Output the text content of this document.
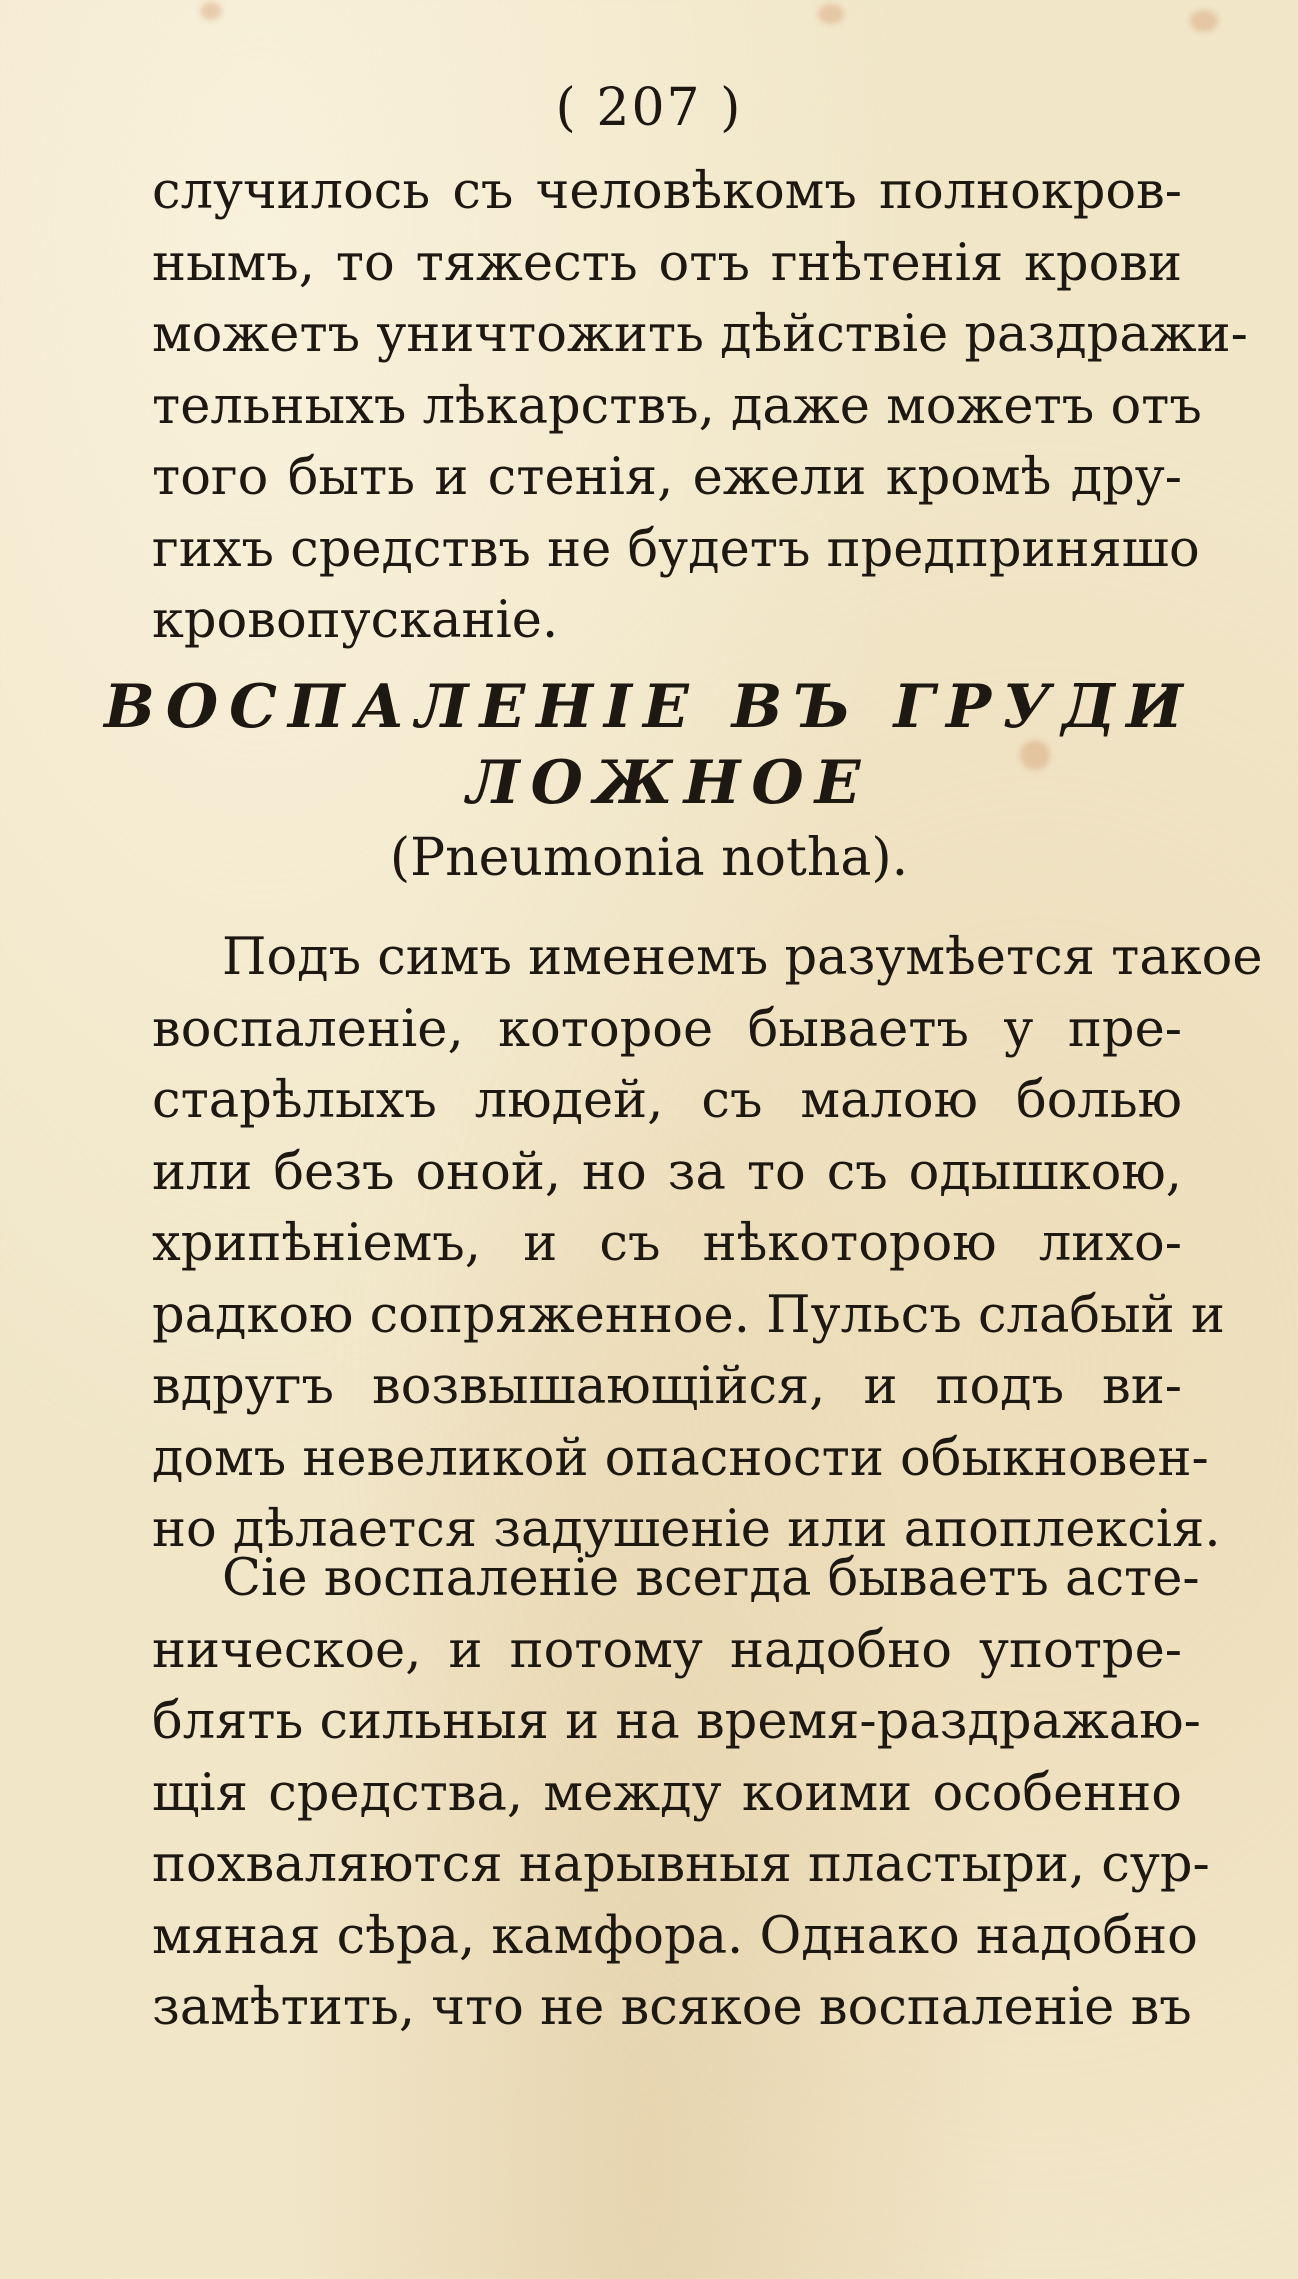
( 207 )
случилось съ человѣкомъ полнокров-
нымъ, то тяжесть отъ гнѣтенія крови
можетъ уничтожить дѣйствіе раздражи-
тельныхъ лѣкарствъ, даже можетъ отъ
того быть и стенія, ежели кромѣ дру-
гихъ средствъ не будетъ предприняшо
кровопусканіе.
ВОСПАЛЕНІЕ ВЪ ГРУДИ
ЛОЖНОЕ
(Pneumonia notha).
Подъ симъ именемъ разумѣется такое
воспаленіе, которое бываетъ у пре-
старѣлыхъ людей, съ малою болью
или безъ оной, но за то съ одышкою,
хрипѣніемъ, и съ нѣкоторою лихо-
радкою сопряженное. Пульсъ слабый и
вдругъ возвышающійся, и подъ ви-
домъ невеликой опасности обыкновен-
но дѣлается задушеніе или апоплексія.
Сіе воспаленіе всегда бываетъ асте-
ническое, и потому надобно употре-
блять сильныя и на время-раздражаю-
щія средства, между коими особенно
похваляются нарывныя пластыри, сур-
мяная сѣра, камфора. Однако надобно
замѣтить, что не всякое воспаленіе въ
